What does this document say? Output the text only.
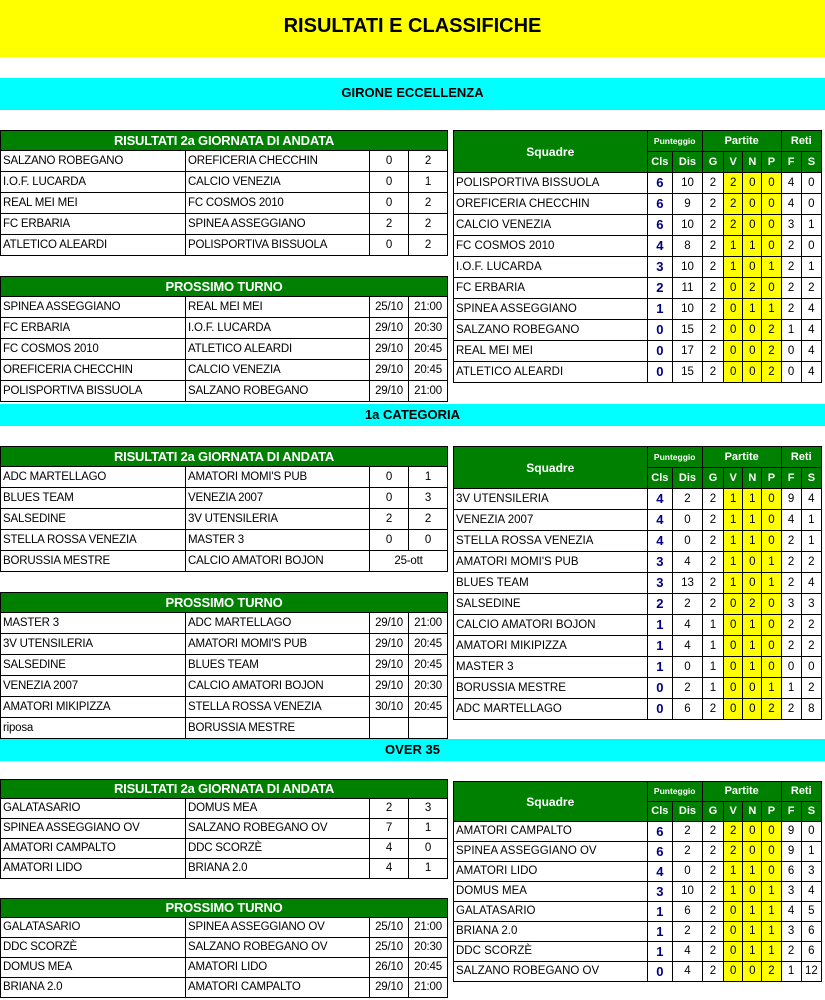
RISULTATI E CLASSIFICHE
GIRONE ECCELLENZA
RISULTATI 2a GIORNATA DI ANDATA			
SALZANO ROBEGANO	OREFICERIA CHECCHIN	0	2
I.O.F. LUCARDA	CALCIO VENEZIA	0	1
REAL MEI MEI	FC COSMOS 2010	0	2
FC ERBARIA	SPINEA ASSEGGIANO	2	2
ATLETICO ALEARDI	POLISPORTIVA BISSUOLA	0	2
PROSSIMO TURNO			
SPINEA ASSEGGIANO	REAL MEI MEI	25/10	21:00
FC ERBARIA	I.O.F. LUCARDA	29/10	20:30
FC COSMOS 2010	ATLETICO ALEARDI	29/10	20:45
OREFICERIA CHECCHIN	CALCIO VENEZIA	29/10	20:45
POLISPORTIVA BISSUOLA	SALZANO ROBEGANO	29/10	21:00
Squadre	Punteggio		Partite				Reti	
	Cls	Dis	G	V	N	P	F	S
POLISPORTIVA BISSUOLA	6	10	2	2	0	0	4	0
OREFICERIA CHECCHIN	6	9	2	2	0	0	4	0
CALCIO VENEZIA	6	10	2	2	0	0	3	1
FC COSMOS 2010	4	8	2	1	1	0	2	0
I.O.F. LUCARDA	3	10	2	1	0	1	2	1
FC ERBARIA	2	11	2	0	2	0	2	2
SPINEA ASSEGGIANO	1	10	2	0	1	1	2	4
SALZANO ROBEGANO	0	15	2	0	0	2	1	4
REAL MEI MEI	0	17	2	0	0	2	0	4
ATLETICO ALEARDI	0	15	2	0	0	2	0	4
1a CATEGORIA
RISULTATI 2a GIORNATA DI ANDATA			
ADC MARTELLAGO	AMATORI MOMI'S PUB	0	1
BLUES TEAM	VENEZIA 2007	0	3
SALSEDINE	3V UTENSILERIA	2	2
STELLA ROSSA VENEZIA	MASTER 3	0	0
BORUSSIA MESTRE	CALCIO AMATORI BOJON	25-ott	
PROSSIMO TURNO			
MASTER 3	ADC MARTELLAGO	29/10	21:00
3V UTENSILERIA	AMATORI MOMI'S PUB	29/10	20:45
SALSEDINE	BLUES TEAM	29/10	20:45
VENEZIA 2007	CALCIO AMATORI BOJON	29/10	20:30
AMATORI MIKIPIZZA	STELLA ROSSA VENEZIA	30/10	20:45
riposa	BORUSSIA MESTRE		
Squadre	Punteggio		Partite				Reti	
	Cls	Dis	G	V	N	P	F	S
3V UTENSILERIA	4	2	2	1	1	0	9	4
VENEZIA 2007	4	0	2	1	1	0	4	1
STELLA ROSSA VENEZIA	4	0	2	1	1	0	2	1
AMATORI MOMI'S PUB	3	4	2	1	0	1	2	2
BLUES TEAM	3	13	2	1	0	1	2	4
SALSEDINE	2	2	2	0	2	0	3	3
CALCIO AMATORI BOJON	1	4	1	0	1	0	2	2
AMATORI MIKIPIZZA	1	4	1	0	1	0	2	2
MASTER 3	1	0	1	0	1	0	0	0
BORUSSIA MESTRE	0	2	1	0	0	1	1	2
ADC MARTELLAGO	0	6	2	0	0	2	2	8
OVER 35
RISULTATI 2a GIORNATA DI ANDATA			
GALATASARIO	DOMUS MEA	2	3
SPINEA ASSEGGIANO OV	SALZANO ROBEGANO OV	7	1
AMATORI CAMPALTO	DDC SCORZÈ	4	0
AMATORI LIDO	BRIANA 2.0	4	1
PROSSIMO TURNO			
GALATASARIO	SPINEA ASSEGGIANO OV	25/10	21:00
DDC SCORZÈ	SALZANO ROBEGANO OV	25/10	20:30
DOMUS MEA	AMATORI LIDO	26/10	20:45
BRIANA 2.0	AMATORI CAMPALTO	29/10	21:00
Squadre	Punteggio		Partite				Reti	
	Cls	Dis	G	V	N	P	F	S
AMATORI CAMPALTO	6	2	2	2	0	0	9	0
SPINEA ASSEGGIANO OV	6	2	2	2	0	0	9	1
AMATORI LIDO	4	0	2	1	1	0	6	3
DOMUS MEA	3	10	2	1	0	1	3	4
GALATASARIO	1	6	2	0	1	1	4	5
BRIANA 2.0	1	2	2	0	1	1	3	6
DDC SCORZÈ	1	4	2	0	1	1	2	6
SALZANO ROBEGANO OV	0	4	2	0	0	2	1	12
